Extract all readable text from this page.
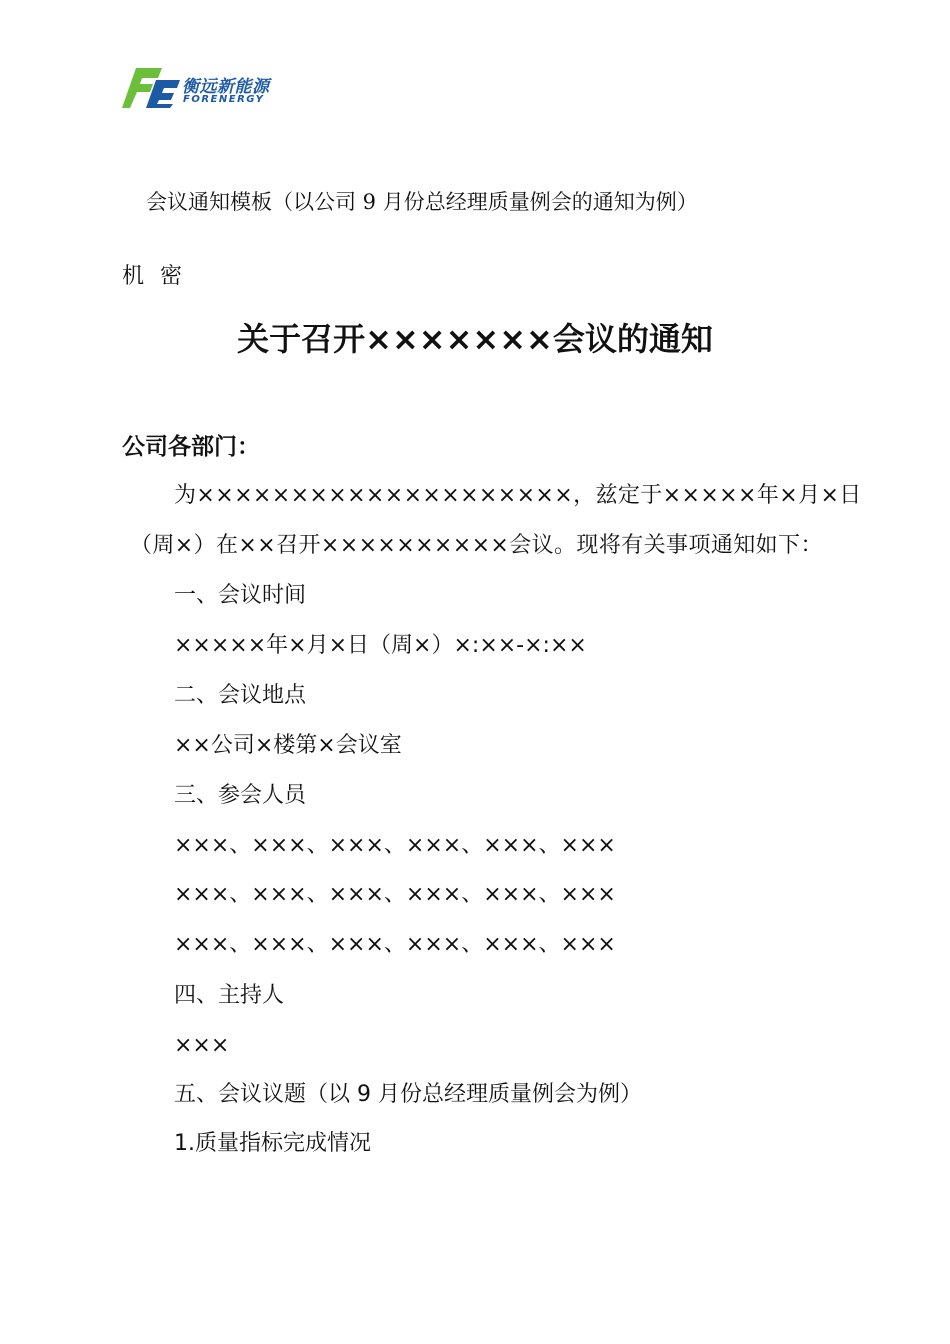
衡远新能源
FORENERGY
会议通知模板（以公司 9 月份总经理质量例会的通知为例）
机密
关于召开×××××××会议的通知
公司各部门：
为××××××××××××××××××××，兹定于×××××年×月×日
（周×）在××召开××××××××××会议。现将有关事项通知如下：
一、会议时间
×××××年×月×日（周×）×:××-×:××
二、会议地点
××公司×楼第×会议室
三、参会人员
×××、×××、×××、×××、×××、×××
×××、×××、×××、×××、×××、×××
×××、×××、×××、×××、×××、×××
四、主持人
×××
五、会议议题（以 9 月份总经理质量例会为例）
1.质量指标完成情况
